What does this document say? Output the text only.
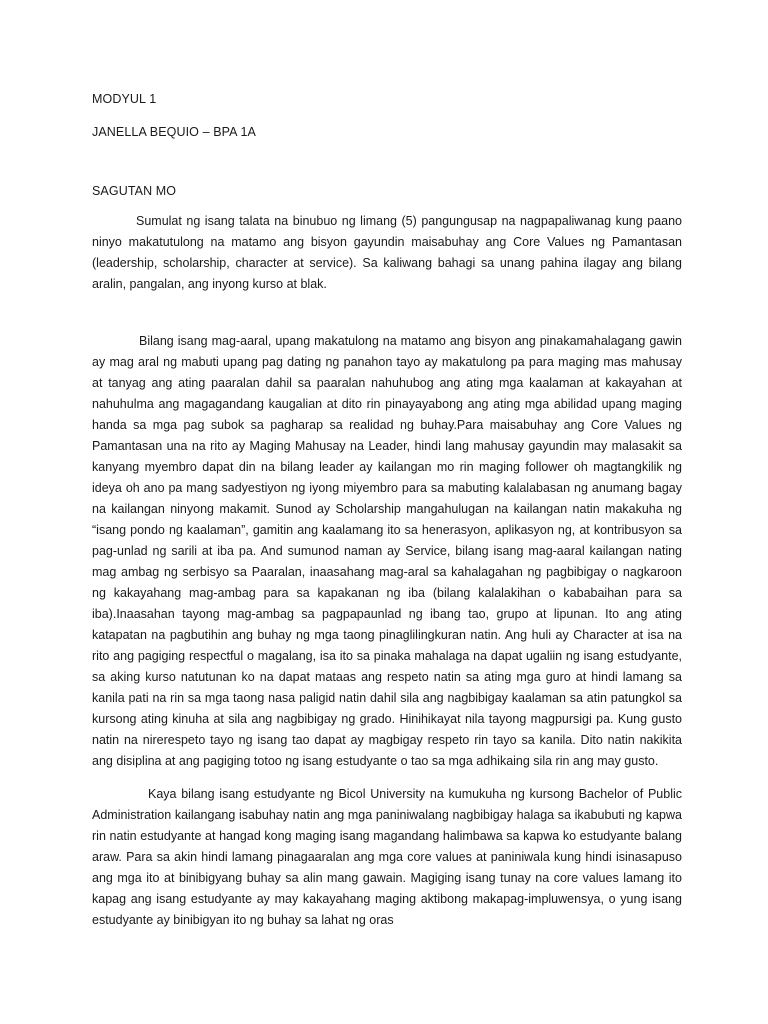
MODYUL 1

JANELLA BEQUIO – BPA 1A

SAGUTAN MO

Sumulat ng isang talata na binubuo ng limang (5) pangungusap na nagpapaliwanag kung paano ninyo makatutulong na matamo ang bisyon gayundin maisabuhay ang Core Values ng Pamantasan (leadership, scholarship, character at service). Sa kaliwang bahagi sa unang pahina ilagay ang bilang aralin, pangalan, ang inyong kurso at blak.

Bilang isang mag-aaral, upang makatulong na matamo ang bisyon ang pinakamahalagang gawin ay mag aral ng mabuti upang pag dating ng panahon tayo ay makatulong pa para maging mas mahusay at tanyag ang ating paaralan dahil sa paaralan nahuhubog ang ating mga kaalaman at kakayahan at nahuhulma ang magagandang kaugalian at dito rin pinayayabong ang ating mga abilidad upang maging handa sa mga pag subok sa pagharap sa realidad ng buhay.Para maisabuhay ang Core Values ng Pamantasan una na rito ay Maging Mahusay na Leader, hindi lang mahusay gayundin may malasakit sa kanyang myembro dapat din na bilang leader ay kailangan mo rin maging follower oh magtangkilik ng ideya oh ano pa mang sadyestiyon ng iyong miyembro para sa mabuting kalalabasan ng anumang bagay na kailangan ninyong makamit. Sunod ay Scholarship mangahulugan na kailangan natin makakuha ng “isang pondo ng kaalaman”, gamitin ang kaalamang ito sa henerasyon, aplikasyon ng, at kontribusyon sa pag-unlad ng sarili at iba pa. And sumunod naman ay Service, bilang isang mag-aaral kailangan nating mag ambag ng serbisyo sa Paaralan, inaasahang mag-aral sa kahalagahan ng pagbibigay o nagkaroon ng kakayahang mag-ambag para sa kapakanan ng iba (bilang kalalakihan o kababaihan para sa iba).Inaasahan tayong mag-ambag sa pagpapaunlad ng ibang tao, grupo at lipunan. Ito ang ating katapatan na pagbutihin ang buhay ng mga taong pinaglilingkuran natin. Ang huli ay Character at isa na rito ang pagiging respectful o magalang, isa ito sa pinaka mahalaga na dapat ugaliin ng isang estudyante, sa aking kurso natutunan ko na dapat mataas ang respeto natin sa ating mga guro at hindi lamang sa kanila pati na rin sa mga taong nasa paligid natin dahil sila ang nagbibigay kaalaman sa atin patungkol sa kursong ating kinuha at sila ang nagbibigay ng grado. Hinihikayat nila tayong magpursigi pa. Kung gusto natin na nirerespeto tayo ng isang tao dapat ay magbigay respeto rin tayo sa kanila. Dito natin nakikita ang disiplina at ang pagiging totoo ng isang estudyante o tao sa mga adhikaing sila rin ang may gusto.

Kaya bilang isang estudyante ng Bicol University na kumukuha ng kursong Bachelor of Public Administration kailangang isabuhay natin ang mga paniniwalang nagbibigay halaga sa ikabubuti ng kapwa rin natin estudyante at hangad kong maging isang magandang halimbawa sa kapwa ko estudyante balang araw. Para sa akin hindi lamang pinagaaralan ang mga core values at paniniwala kung hindi isinasapuso ang mga ito at binibigyang buhay sa alin mang gawain. Magiging isang tunay na core values lamang ito kapag ang isang estudyante ay may kakayahang maging aktibong makapag-impluwensya, o yung isang estudyante ay binibigyan ito ng buhay sa lahat ng oras
